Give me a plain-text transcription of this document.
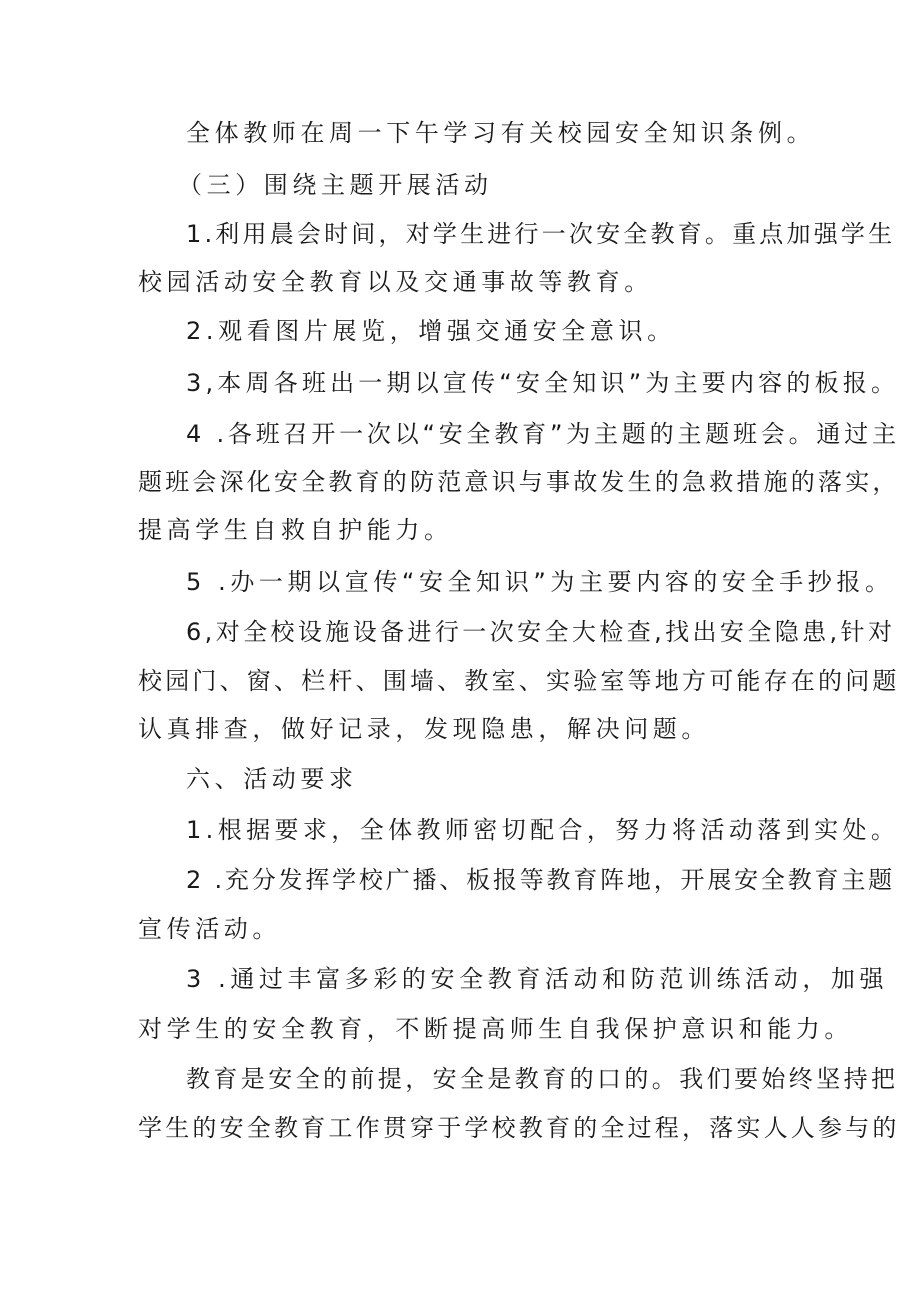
全体教师在周一下午学习有关校园安全知识条例。
（三）围绕主题开展活动
1.利用晨会时间，对学生进行一次安全教育。重点加强学生
校园活动安全教育以及交通事故等教育。
2.观看图片展览，增强交通安全意识。
3,本周各班出一期以宣传“安全知识”为主要内容的板报。
4 .各班召开一次以“安全教育”为主题的主题班会。通过主
题班会深化安全教育的防范意识与事故发生的急救措施的落实，
提高学生自救自护能力。
5 .办一期以宣传“安全知识”为主要内容的安全手抄报。
6,对全校设施设备进行一次安全大检查,找出安全隐患,针对
校园门、窗、栏杆、围墙、教室、实验室等地方可能存在的问题
认真排查，做好记录，发现隐患，解决问题。
六、活动要求
1.根据要求，全体教师密切配合，努力将活动落到实处。
2 .充分发挥学校广播、板报等教育阵地，开展安全教育主题
宣传活动。
3 .通过丰富多彩的安全教育活动和防范训练活动，加强
对学生的安全教育，不断提高师生自我保护意识和能力。
教育是安全的前提，安全是教育的口的。我们要始终坚持把
学生的安全教育工作贯穿于学校教育的全过程，落实人人参与的
